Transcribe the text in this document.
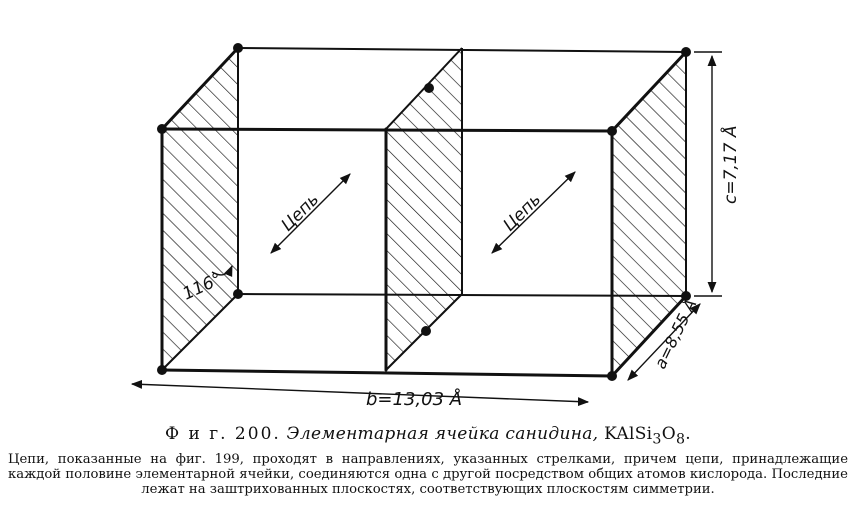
Цепь	Цепь
116°
b=13,03 Å
c=7,17 Å
a=8,55 Å

Ф и г. 200. Элементарная ячейка санидина, $KAlSi_3O_8$.

Цепи, показанные на фиг. 199, проходят в направлениях, указанных стрелками, причем цепи, принадлежащие каждой половине элементарной ячейки, соединяются одна с другой посредством общих атомов кислорода. Последние лежат на заштрихованных плоскостях, соответствующих плоскостям симметрии.
